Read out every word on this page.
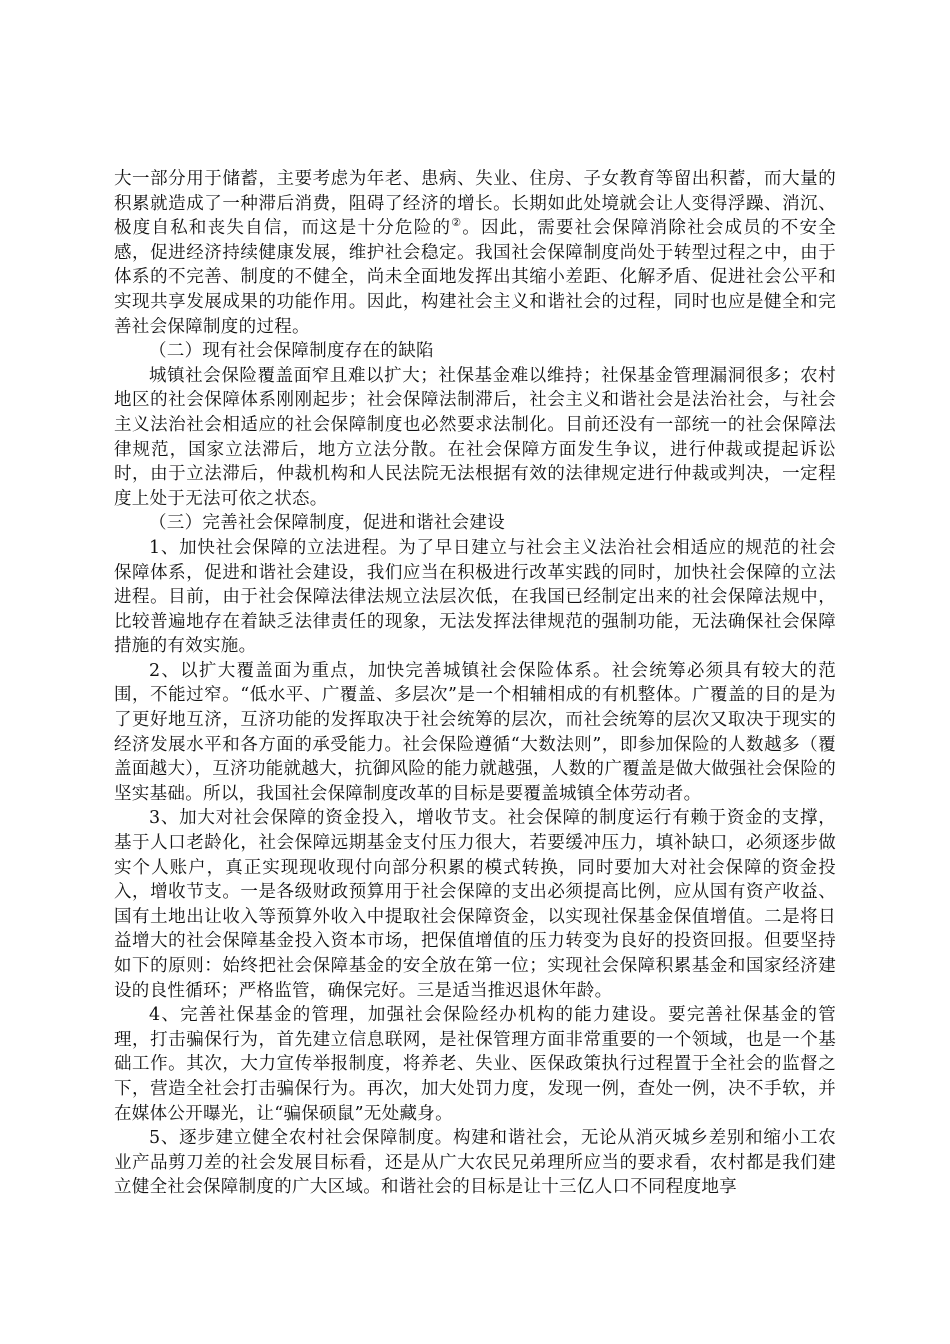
大一部分用于储蓄，主要考虑为年老、患病、失业、住房、子女教育等留出积蓄，而大量的积累就造成了一种滞后消费，阻碍了经济的增长。长期如此处境就会让人变得浮躁、消沉、极度自私和丧失自信，而这是十分危险的②。因此，需要社会保障消除社会成员的不安全感，促进经济持续健康发展，维护社会稳定。我国社会保障制度尚处于转型过程之中，由于体系的不完善、制度的不健全，尚未全面地发挥出其缩小差距、化解矛盾、促进社会公平和实现共享发展成果的功能作用。因此，构建社会主义和谐社会的过程，同时也应是健全和完善社会保障制度的过程。

（二）现有社会保障制度存在的缺陷

城镇社会保险覆盖面窄且难以扩大；社保基金难以维持；社保基金管理漏洞很多；农村地区的社会保障体系刚刚起步；社会保障法制滞后，社会主义和谐社会是法治社会，与社会主义法治社会相适应的社会保障制度也必然要求法制化。目前还没有一部统一的社会保障法律规范，国家立法滞后，地方立法分散。在社会保障方面发生争议，进行仲裁或提起诉讼时，由于立法滞后，仲裁机构和人民法院无法根据有效的法律规定进行仲裁或判决，一定程度上处于无法可依之状态。

（三）完善社会保障制度，促进和谐社会建设

1、加快社会保障的立法进程。为了早日建立与社会主义法治社会相适应的规范的社会保障体系，促进和谐社会建设，我们应当在积极进行改革实践的同时，加快社会保障的立法进程。目前，由于社会保障法律法规立法层次低，在我国已经制定出来的社会保障法规中，比较普遍地存在着缺乏法律责任的现象，无法发挥法律规范的强制功能，无法确保社会保障措施的有效实施。

2、以扩大覆盖面为重点，加快完善城镇社会保险体系。社会统筹必须具有较大的范围，不能过窄。“低水平、广覆盖、多层次”是一个相辅相成的有机整体。广覆盖的目的是为了更好地互济，互济功能的发挥取决于社会统筹的层次，而社会统筹的层次又取决于现实的经济发展水平和各方面的承受能力。社会保险遵循“大数法则”，即参加保险的人数越多（覆盖面越大），互济功能就越大，抗御风险的能力就越强，人数的广覆盖是做大做强社会保险的坚实基础。所以，我国社会保障制度改革的目标是要覆盖城镇全体劳动者。

3、加大对社会保障的资金投入，增收节支。社会保障的制度运行有赖于资金的支撑，基于人口老龄化，社会保障远期基金支付压力很大，若要缓冲压力，填补缺口，必须逐步做实个人账户，真正实现现收现付向部分积累的模式转换，同时要加大对社会保障的资金投入，增收节支。一是各级财政预算用于社会保障的支出必须提高比例，应从国有资产收益、国有土地出让收入等预算外收入中提取社会保障资金，以实现社保基金保值增值。二是将日益增大的社会保障基金投入资本市场，把保值增值的压力转变为良好的投资回报。但要坚持如下的原则：始终把社会保障基金的安全放在第一位；实现社会保障积累基金和国家经济建设的良性循环；严格监管，确保完好。三是适当推迟退休年龄。

4、完善社保基金的管理，加强社会保险经办机构的能力建设。要完善社保基金的管理，打击骗保行为，首先建立信息联网，是社保管理方面非常重要的一个领域，也是一个基础工作。其次，大力宣传举报制度，将养老、失业、医保政策执行过程置于全社会的监督之下，营造全社会打击骗保行为。再次，加大处罚力度，发现一例，查处一例，决不手软，并在媒体公开曝光，让“骗保硕鼠”无处藏身。

5、逐步建立健全农村社会保障制度。构建和谐社会，无论从消灭城乡差别和缩小工农业产品剪刀差的社会发展目标看，还是从广大农民兄弟理所应当的要求看，农村都是我们建立健全社会保障制度的广大区域。和谐社会的目标是让十三亿人口不同程度地享
